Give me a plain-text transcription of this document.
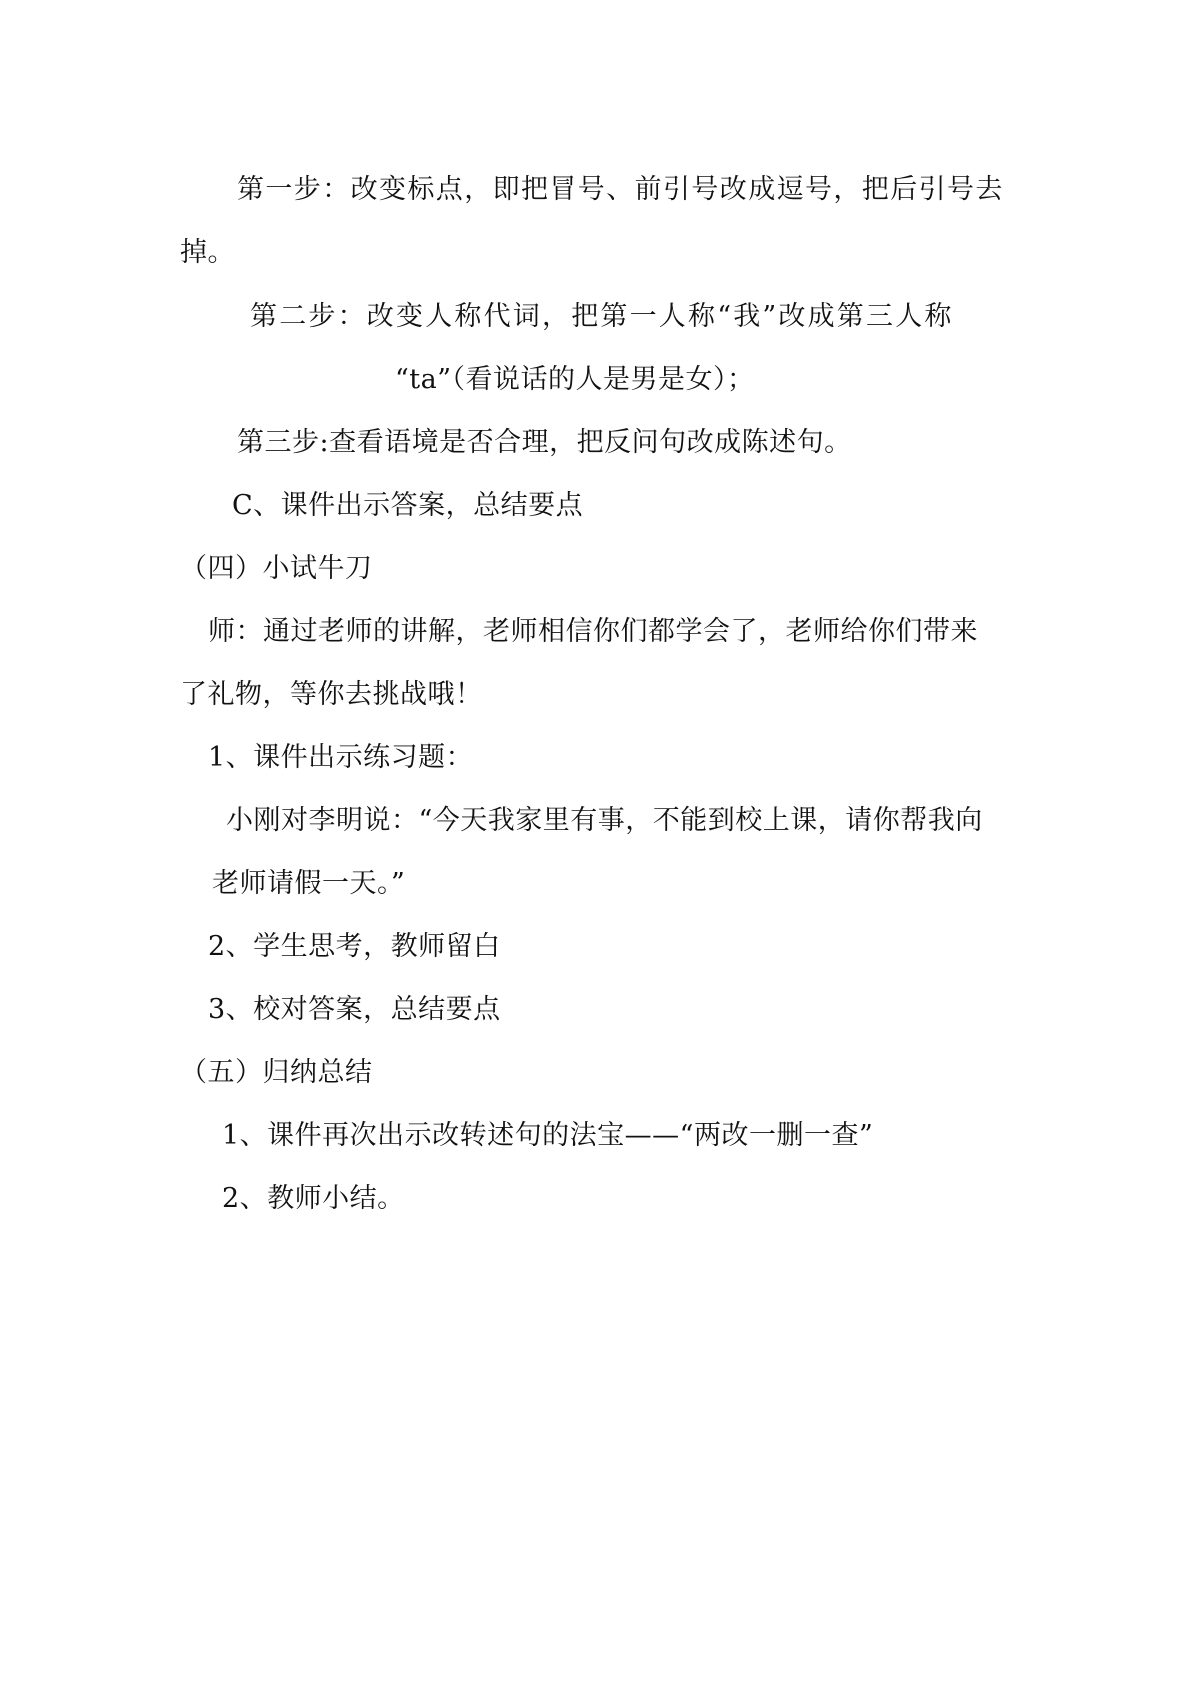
第一步：改变标点，即把冒号、前引号改成逗号，把后引号去
掉。
第二步：改变人称代词，把第一人称“我”改成第三人称
“ta”（看说话的人是男是女）；
第三步:查看语境是否合理，把反问句改成陈述句。
C、课件出示答案，总结要点
（四）小试牛刀
师：通过老师的讲解，老师相信你们都学会了，老师给你们带来
了礼物，等你去挑战哦！
1、课件出示练习题：
小刚对李明说：“今天我家里有事，不能到校上课，请你帮我向
老师请假一天。”
2、学生思考，教师留白
3、校对答案，总结要点
（五）归纳总结
1、课件再次出示改转述句的法宝——“两改一删一查”
2、教师小结。
